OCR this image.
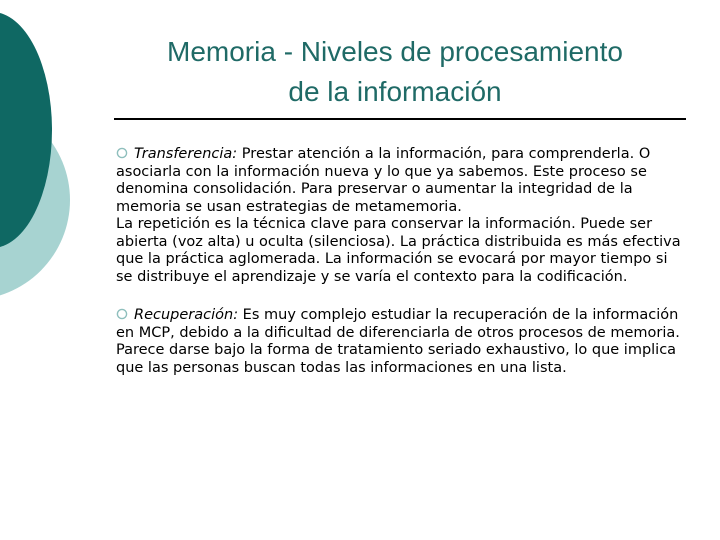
Memoria - Niveles de procesamiento
de la información

Transferencia: Prestar atención a la información, para comprenderla. O asociarla con la información nueva y lo que ya sabemos. Este proceso se denomina consolidación. Para preservar o aumentar la integridad de la memoria se usan estrategias de metamemoria.

La repetición es la técnica clave para conservar la información. Puede ser abierta (voz alta) u oculta (silenciosa). La práctica distribuida es más efectiva que la práctica aglomerada. La información se evocará por mayor tiempo si se distribuye el aprendizaje y se varía el contexto para la codificación.

Recuperación: Es muy complejo estudiar la recuperación de la información en MCP, debido a la dificultad de diferenciarla de otros procesos de memoria. Parece darse bajo la forma de tratamiento seriado exhaustivo, lo que implica que las personas buscan todas las informaciones en una lista.
